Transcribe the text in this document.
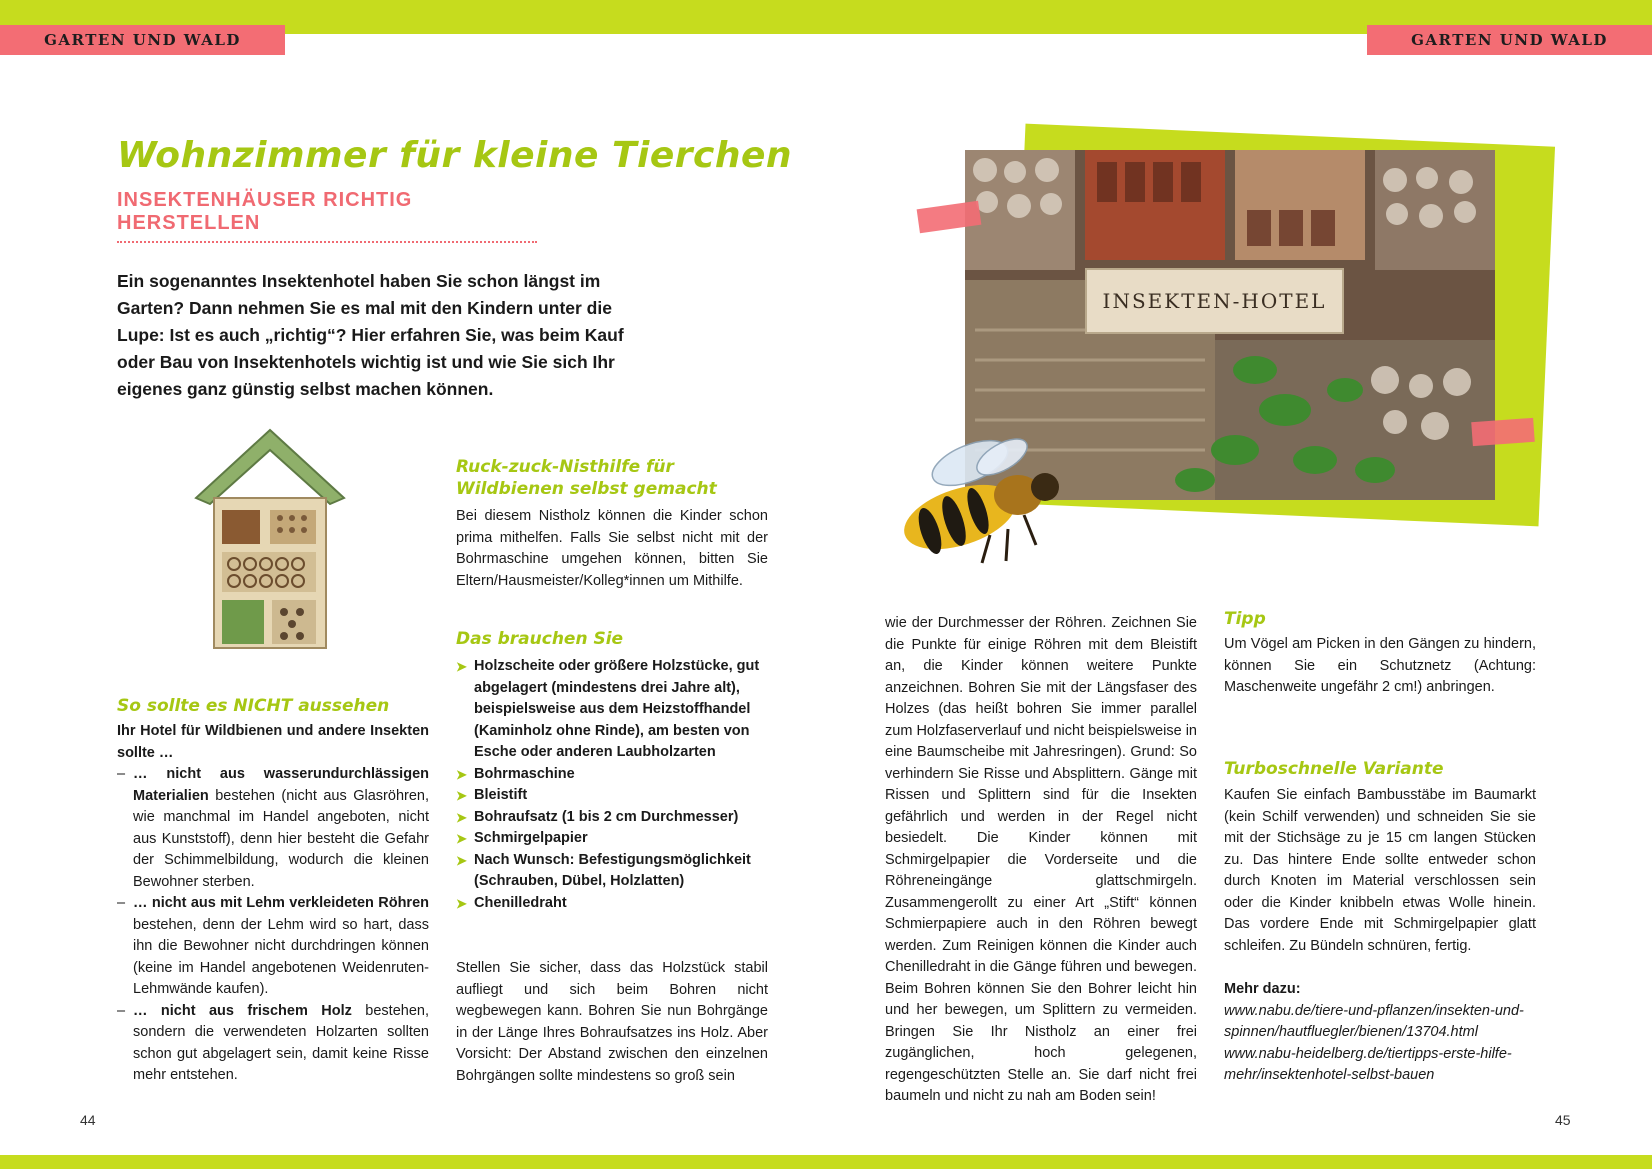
GARTEN UND WALD	GARTEN UND WALD
Wohnzimmer für kleine Tierchen
INSEKTENHÄUSER RICHTIG HERSTELLEN

Ein sogenanntes Insektenhotel haben Sie schon längst im Garten? Dann nehmen Sie es mal mit den Kindern unter die Lupe: Ist es auch „richtig“? Hier erfahren Sie, was beim Kauf oder Bau von Insektenhotels wichtig ist und wie Sie sich Ihr eigenes ganz günstig selbst machen können.

So sollte es NICHT aussehen
Ihr Hotel für Wildbienen und andere Insekten sollte …
– … nicht aus wasserundurchlässigen Materialien bestehen (nicht aus Glasröhren, wie manchmal im Handel angeboten, nicht aus Kunststoff), denn hier besteht die Gefahr der Schimmelbildung, wodurch die kleinen Bewohner sterben.
– … nicht aus mit Lehm verkleideten Röhren bestehen, denn der Lehm wird so hart, dass ihn die Bewohner nicht durchdringen können (keine im Handel angebotenen Weidenruten-Lehmwände kaufen).
– … nicht aus frischem Holz bestehen, sondern die verwendeten Holzarten sollten schon gut abgelagert sein, damit keine Risse mehr entstehen.
Ruck-zuck-Nisthilfe für Wildbienen selbst gemacht

Bei diesem Nistholz können die Kinder schon prima mithelfen. Falls Sie selbst nicht mit der Bohrmaschine umgehen können, bitten Sie Eltern/Hausmeister/Kolleg*innen um Mithilfe.

Das brauchen Sie
➤ Holzscheite oder größere Holzstücke, gut abgelagert (mindestens drei Jahre alt), beispielsweise aus dem Heizstoffhandel (Kaminholz ohne Rinde), am besten von Esche oder anderen Laubholzarten
➤ Bohrmaschine
➤ Bleistift
➤ Bohraufsatz (1 bis 2 cm Durchmesser)
➤ Schmirgelpapier
➤ Nach Wunsch: Befestigungsmöglichkeit (Schrauben, Dübel, Holzlatten)
➤ Chenilledraht

Stellen Sie sicher, dass das Holzstück stabil aufliegt und sich beim Bohren nicht wegbewegen kann. Bohren Sie nun Bohrgänge in der Länge Ihres Bohraufsatzes ins Holz. Aber Vorsicht: Der Abstand zwischen den einzelnen Bohrgängen sollte mindestens so groß sein

44
INSEKTEN-HOTEL

wie der Durchmesser der Röhren. Zeichnen Sie die Punkte für einige Röhren mit dem Bleistift an, die Kinder können weitere Punkte anzeichnen. Bohren Sie mit der Längsfaser des Holzes (das heißt bohren Sie immer parallel zum Holzfaserverlauf und nicht beispielsweise in eine Baumscheibe mit Jahresringen). Grund: So verhindern Sie Risse und Absplittern. Gänge mit Rissen und Splittern sind für die Insekten gefährlich und werden in der Regel nicht besiedelt. Die Kinder können mit Schmirgelpapier die Vorderseite und die Röhreneingänge glattschmirgeln. Zusammengerollt zu einer Art „Stift“ können Schmierpapiere auch in den Röhren bewegt werden. Zum Reinigen können die Kinder auch Chenilledraht in die Gänge führen und bewegen. Beim Bohren können Sie den Bohrer leicht hin und her bewegen, um Splittern zu vermeiden. Bringen Sie Ihr Nistholz an einer frei zugänglichen, hoch gelegenen, regengeschützten Stelle an. Sie darf nicht frei baumeln und nicht zu nah am Boden sein!

Tipp

Um Vögel am Picken in den Gängen zu hindern, können Sie ein Schutznetz (Achtung: Maschenweite ungefähr 2 cm!) anbringen.

Turboschnelle Variante

Kaufen Sie einfach Bambusstäbe im Baumarkt (kein Schilf verwenden) und schneiden Sie sie mit der Stichsäge zu je 15 cm langen Stücken zu. Das hintere Ende sollte entweder schon durch Knoten im Material verschlossen sein oder die Kinder knibbeln etwas Wolle hinein. Das vordere Ende mit Schmirgelpapier glatt schleifen. Zu Bündeln schnüren, fertig.

Mehr dazu:
www.nabu.de/tiere-und-pflanzen/insekten-und-spinnen/hautfluegler/bienen/13704.html
www.nabu-heidelberg.de/tiertipps-erste-hilfe-mehr/insektenhotel-selbst-bauen
45
